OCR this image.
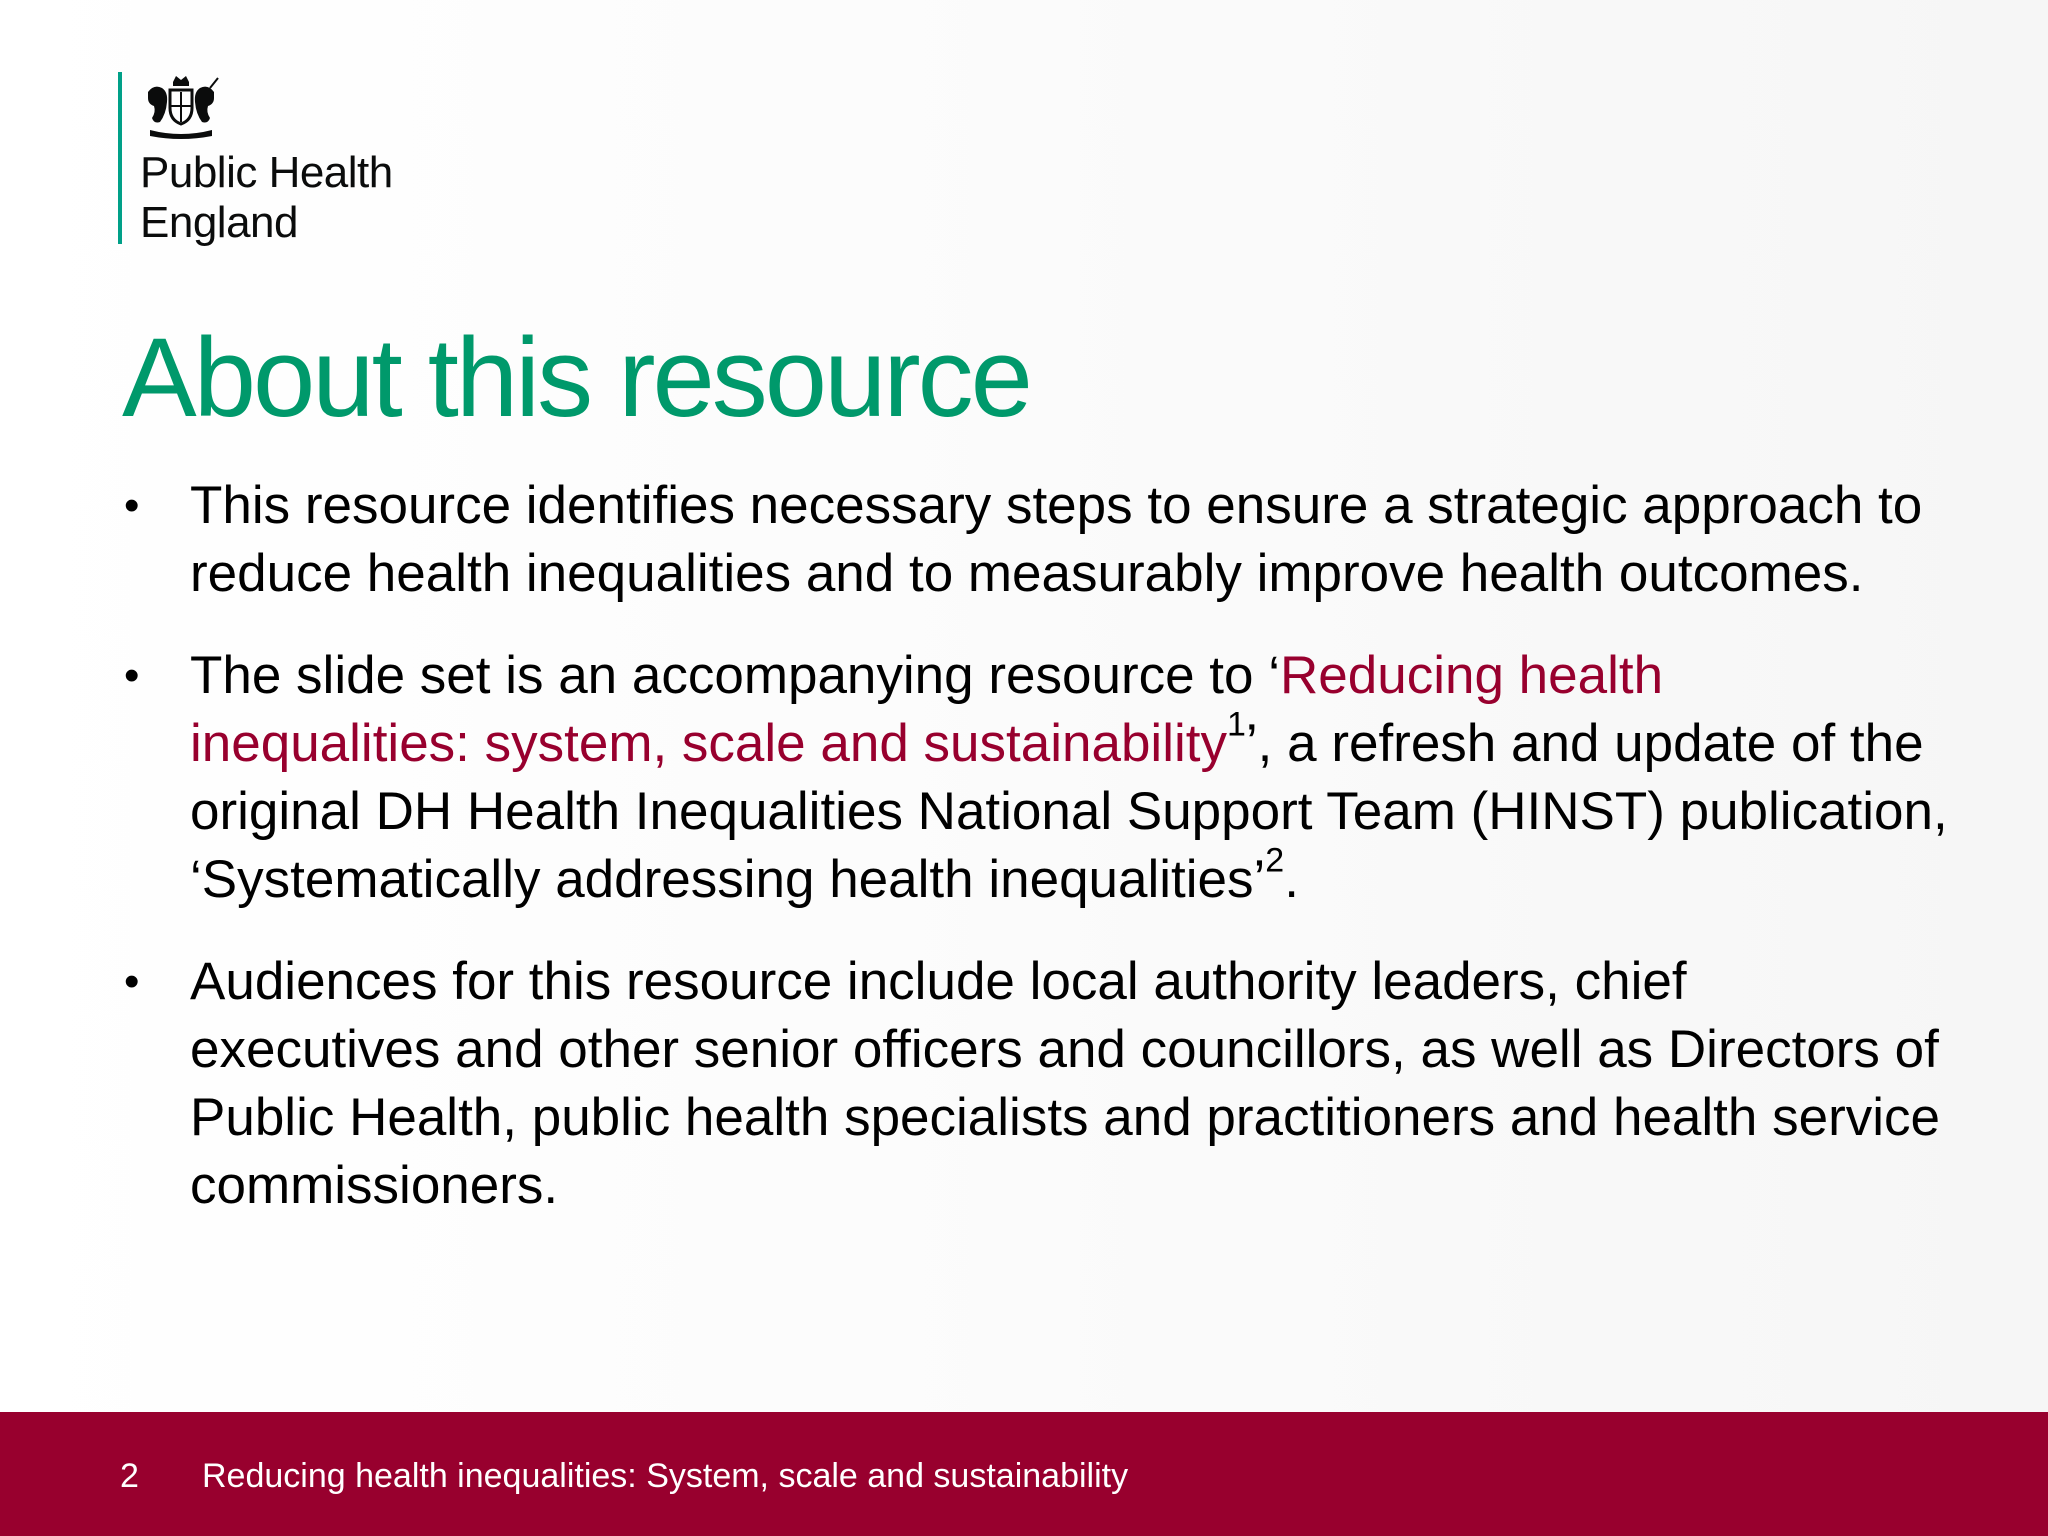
Public Health
England
About this resource
• This resource identifies necessary steps to ensure a strategic approach to reduce health inequalities and to measurably improve health outcomes.
• The slide set is an accompanying resource to ‘Reducing health inequalities: system, scale and sustainability$^1$’, a refresh and update of the original DH Health Inequalities National Support Team (HINST) publication, ‘Systematically addressing health inequalities’$^2$.
• Audiences for this resource include local authority leaders, chief executives and other senior officers and councillors, as well as Directors of Public Health, public health specialists and practitioners and health service commissioners.
2 Reducing health inequalities: System, scale and sustainability
